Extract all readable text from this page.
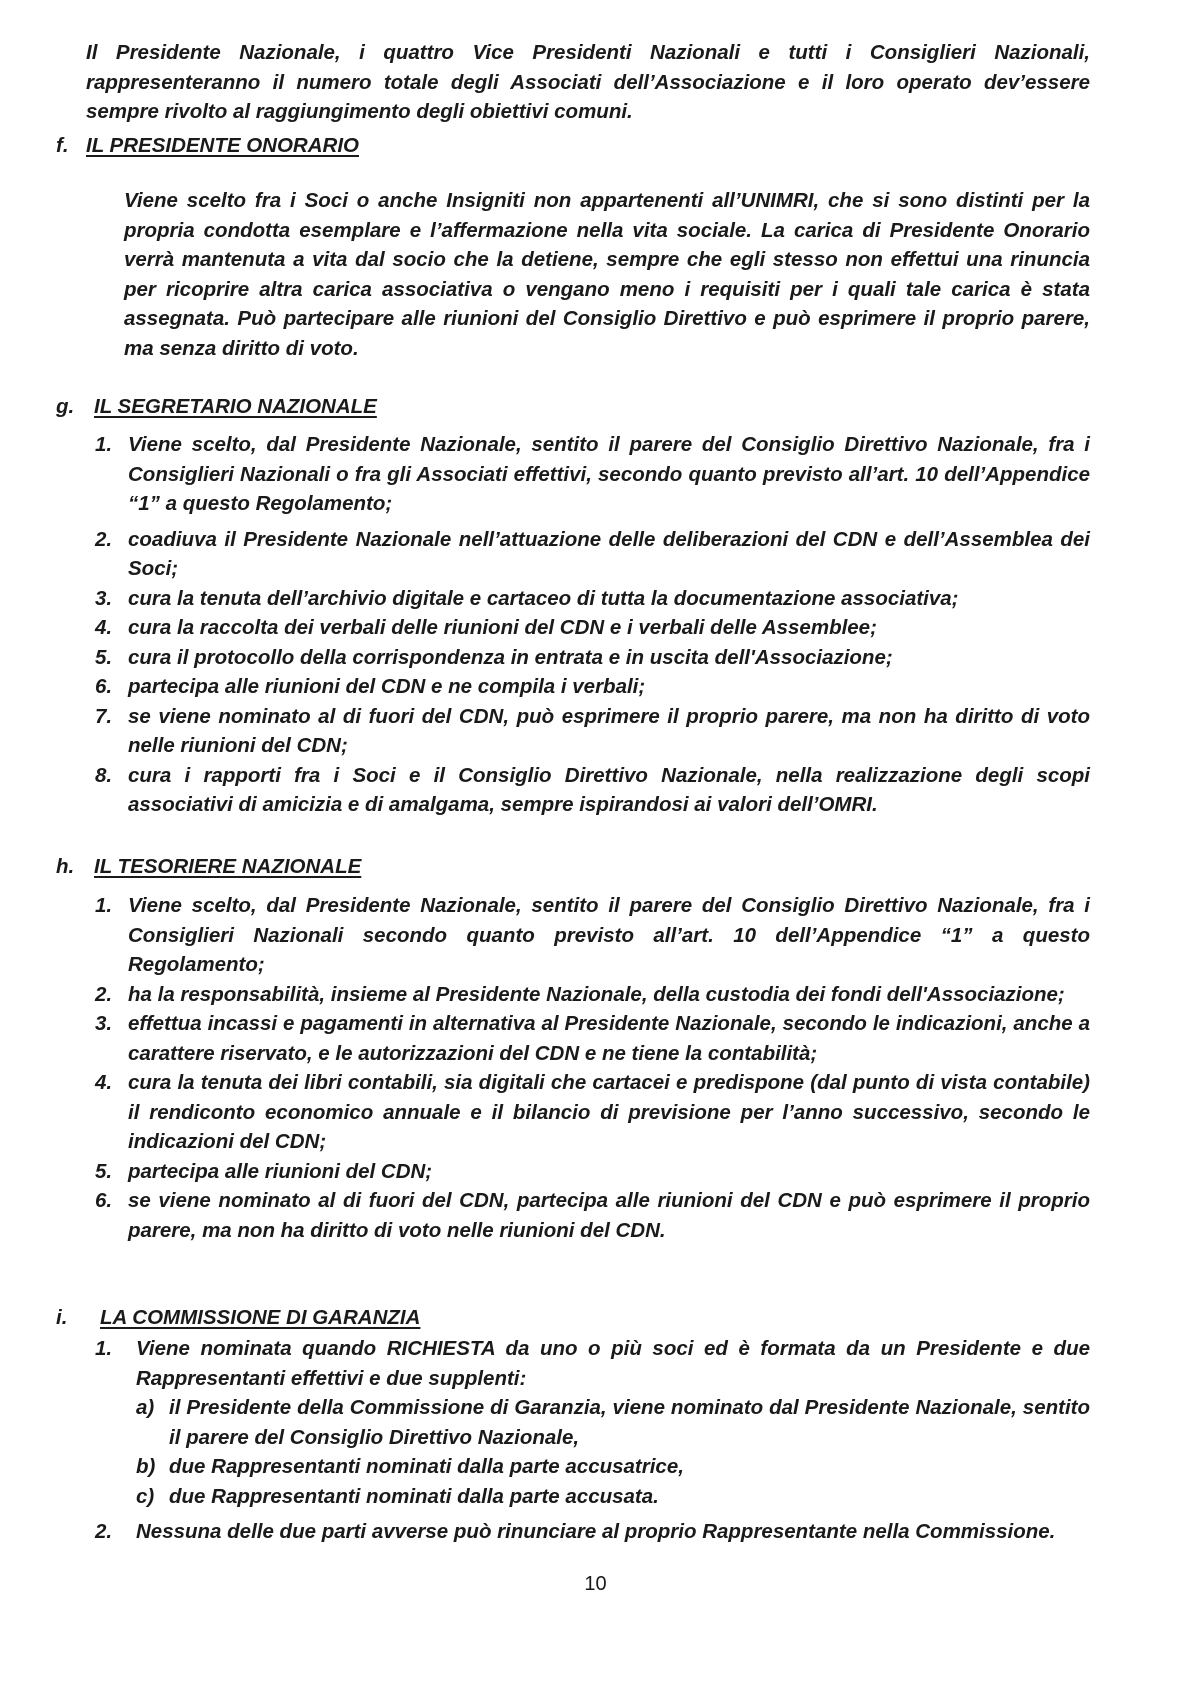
Il Presidente Nazionale, i quattro Vice Presidenti Nazionali e tutti i Consiglieri Nazionali, rappresenteranno il numero totale degli Associati dell’Associazione e il loro operato dev’essere sempre rivolto al raggiungimento degli obiettivi comuni.

f. IL PRESIDENTE ONORARIO

Viene scelto fra i Soci o anche Insigniti non appartenenti all’UNIMRI, che si sono distinti per la propria condotta esemplare e l’affermazione nella vita sociale. La carica di Presidente Onorario verrà mantenuta a vita dal socio che la detiene, sempre che egli stesso non effettui una rinuncia per ricoprire altra carica associativa o vengano meno i requisiti per i quali tale carica è stata assegnata. Può partecipare alle riunioni del Consiglio Direttivo e può esprimere il proprio parere, ma senza diritto di voto.

g. IL SEGRETARIO NAZIONALE
1. Viene scelto, dal Presidente Nazionale, sentito il parere del Consiglio Direttivo Nazionale, fra i Consiglieri Nazionali o fra gli Associati effettivi, secondo quanto previsto all’art. 10 dell’Appendice “1” a questo Regolamento;
2. coadiuva il Presidente Nazionale nell’attuazione delle deliberazioni del CDN e dell’Assemblea dei Soci;
3. cura la tenuta dell’archivio digitale e cartaceo di tutta la documentazione associativa;
4. cura la raccolta dei verbali delle riunioni del CDN e i verbali delle Assemblee;
5. cura il protocollo della corrispondenza in entrata e in uscita dell'Associazione;
6. partecipa alle riunioni del CDN e ne compila i verbali;
7. se viene nominato al di fuori del CDN, può esprimere il proprio parere, ma non ha diritto di voto nelle riunioni del CDN;
8. cura i rapporti fra i Soci e il Consiglio Direttivo Nazionale, nella realizzazione degli scopi associativi di amicizia e di amalgama, sempre ispirandosi ai valori dell’OMRI.
h. IL TESORIERE NAZIONALE
1. Viene scelto, dal Presidente Nazionale, sentito il parere del Consiglio Direttivo Nazionale, fra i Consiglieri Nazionali secondo quanto previsto all’art. 10 dell’Appendice “1” a questo Regolamento;
2. ha la responsabilità, insieme al Presidente Nazionale, della custodia dei fondi dell'Associazione;
3. effettua incassi e pagamenti in alternativa al Presidente Nazionale, secondo le indicazioni, anche a carattere riservato, e le autorizzazioni del CDN e ne tiene la contabilità;
4. cura la tenuta dei libri contabili, sia digitali che cartacei e predispone (dal punto di vista contabile) il rendiconto economico annuale e il bilancio di previsione per l’anno successivo, secondo le indicazioni del CDN;
5. partecipa alle riunioni del CDN;
6. se viene nominato al di fuori del CDN, partecipa alle riunioni del CDN e può esprimere il proprio parere, ma non ha diritto di voto nelle riunioni del CDN.
i. LA COMMISSIONE DI GARANZIA
1. Viene nominata quando RICHIESTA da uno o più soci ed è formata da un Presidente e due Rappresentanti effettivi e due supplenti:
a) il Presidente della Commissione di Garanzia, viene nominato dal Presidente Nazionale, sentito il parere del Consiglio Direttivo Nazionale,
b) due Rappresentanti nominati dalla parte accusatrice,
c) due Rappresentanti nominati dalla parte accusata.
2. Nessuna delle due parti avverse può rinunciare al proprio Rappresentante nella Commissione.
10
